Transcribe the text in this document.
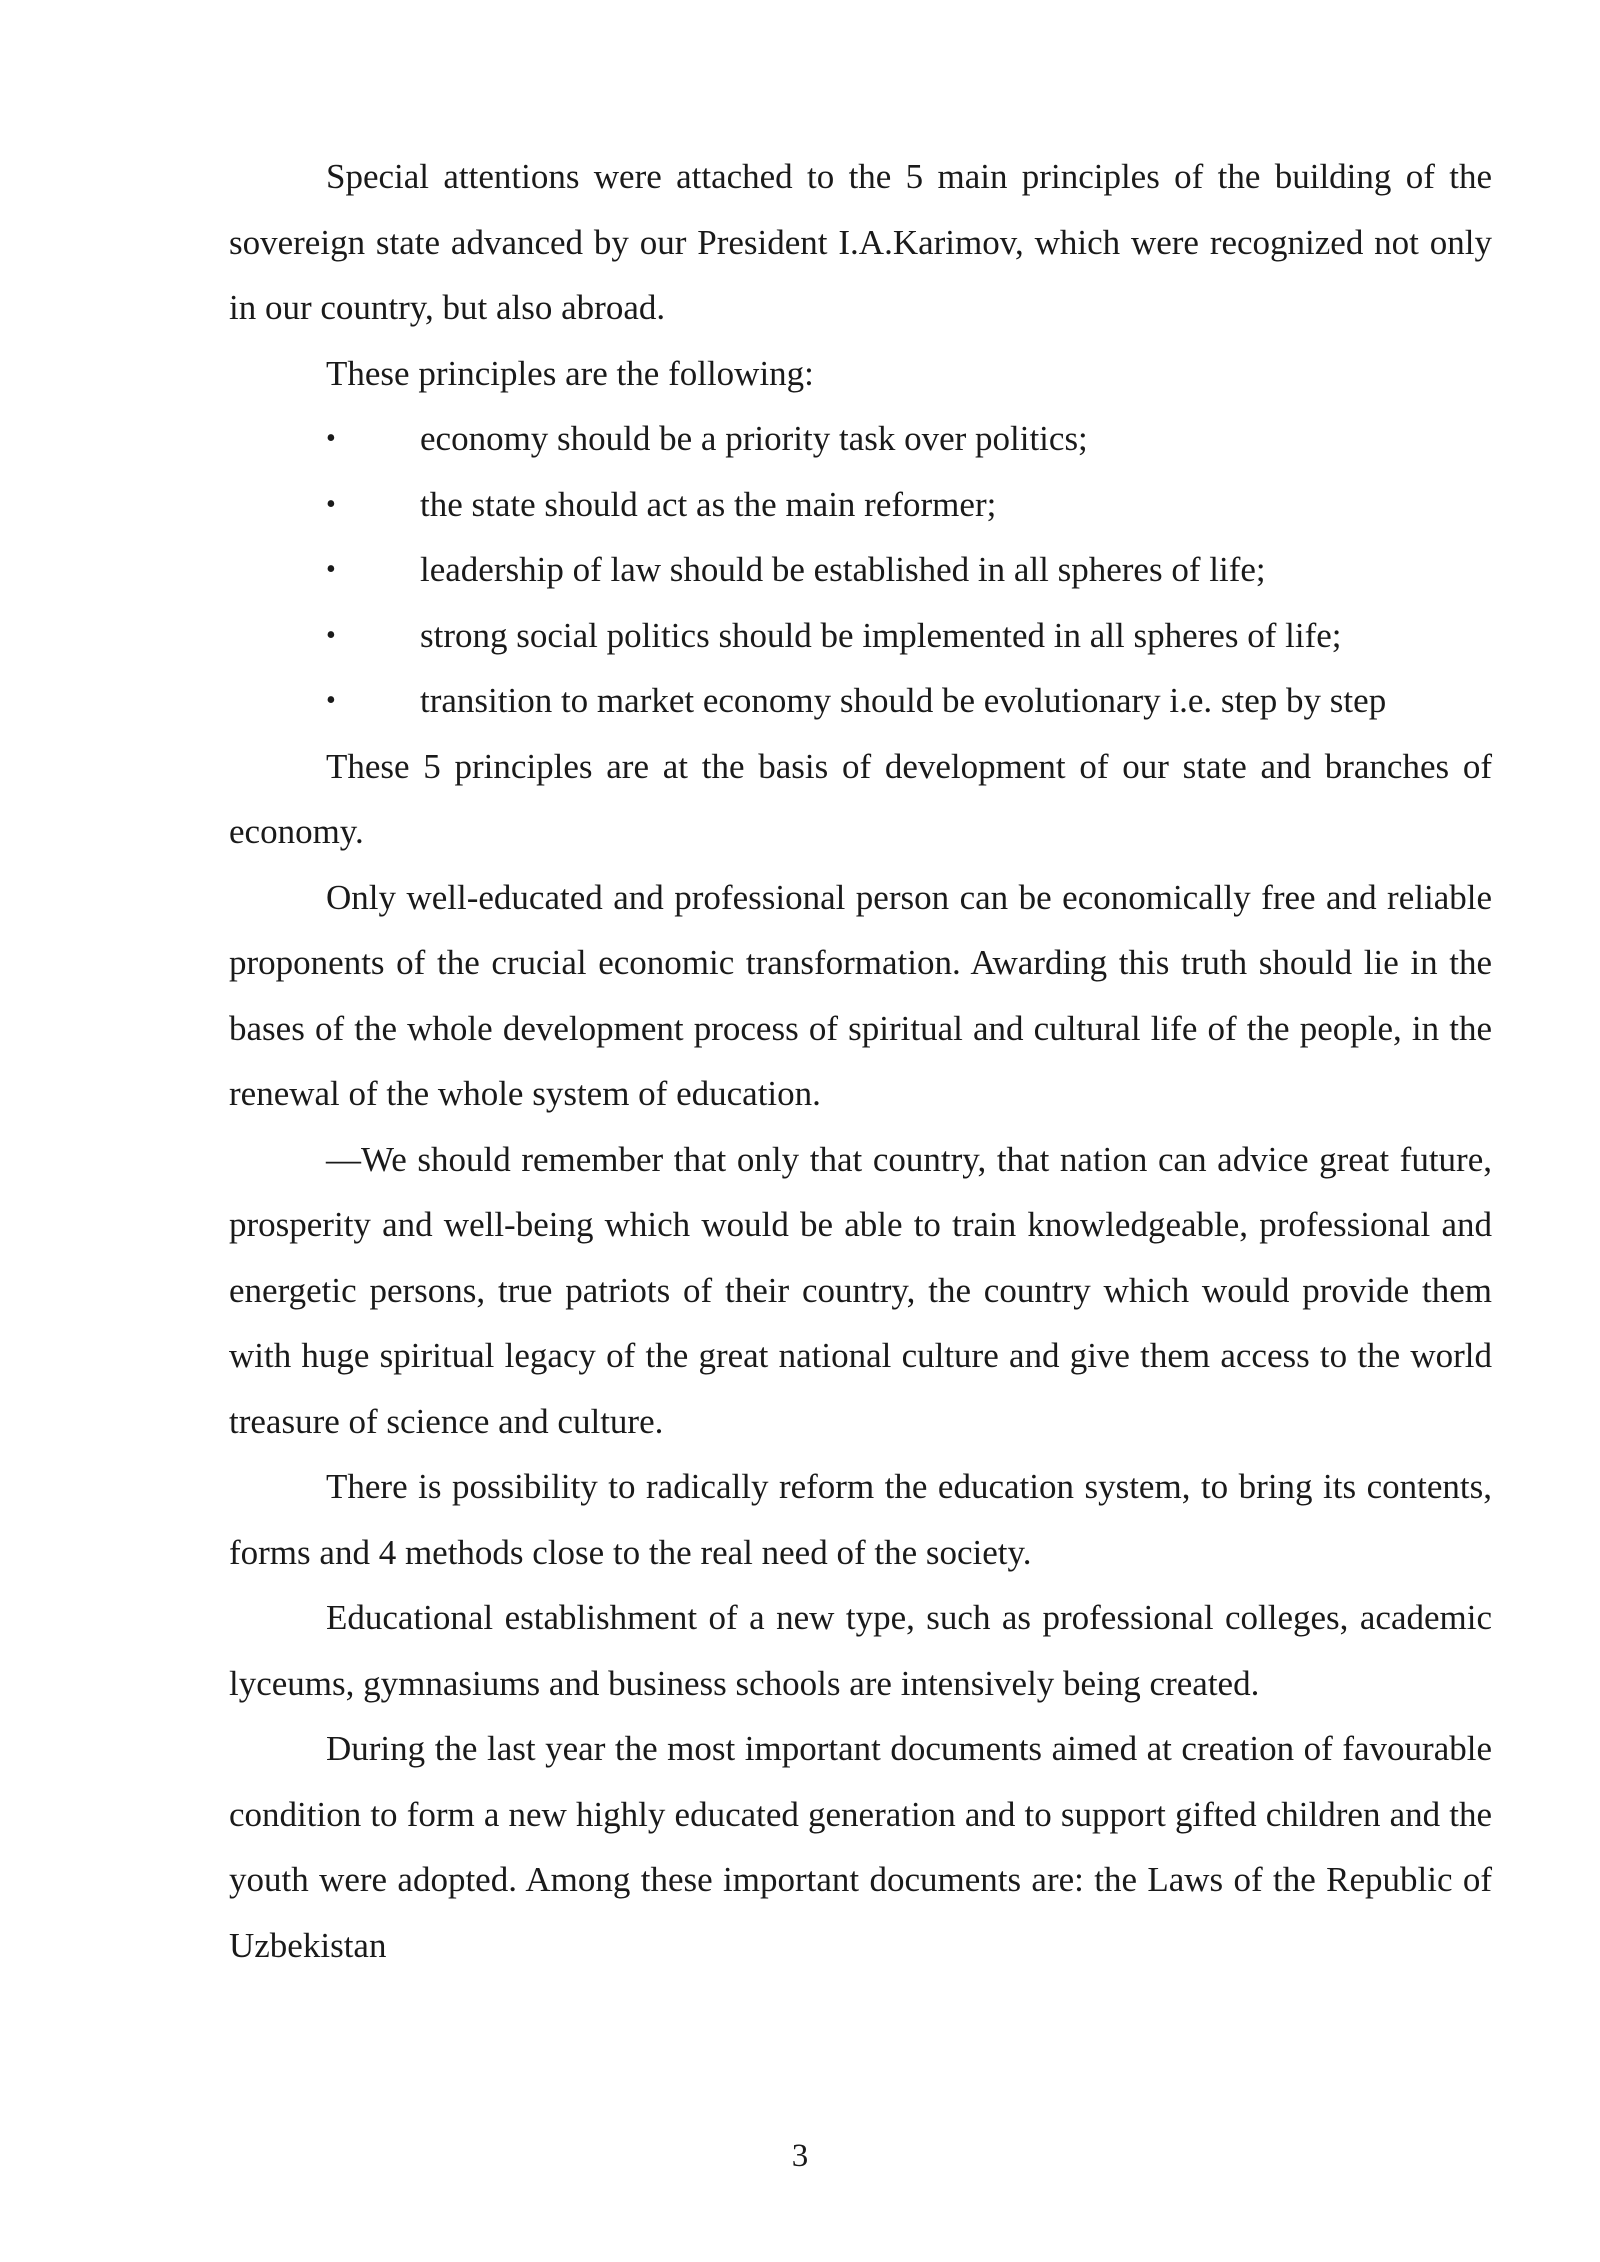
Special attentions were attached to the 5 main principles of the building of the sovereign state advanced by our President I.A.Karimov, which were recognized not only in our country, but also abroad.

These principles are the following:

• economy should be a priority task over politics;
• the state should act as the main reformer;
• leadership of law should be established in all spheres of life;
• strong social politics should be implemented in all spheres of life;
• transition to market economy should be evolutionary i.e. step by step

These 5 principles are at the basis of development of our state and branches of economy.

Only well-educated and professional person can be economically free and reliable proponents of the crucial economic transformation. Awarding this truth should lie in the bases of the whole development process of spiritual and cultural life of the people, in the renewal of the whole system of education.

—We should remember that only that country, that nation can advice great future, prosperity and well-being which would be able to train knowledgeable, professional and energetic persons, true patriots of their country, the country which would provide them with huge spiritual legacy of the great national culture and give them access to the world treasure of science and culture.

There is possibility to radically reform the education system, to bring its contents, forms and 4 methods close to the real need of the society.

Educational establishment of a new type, such as professional colleges, academic lyceums, gymnasiums and business schools are intensively being created.

During the last year the most important documents aimed at creation of favourable condition to form a new highly educated generation and to support gifted children and the youth were adopted. Among these important documents are: the Laws of the Republic of Uzbekistan

3
